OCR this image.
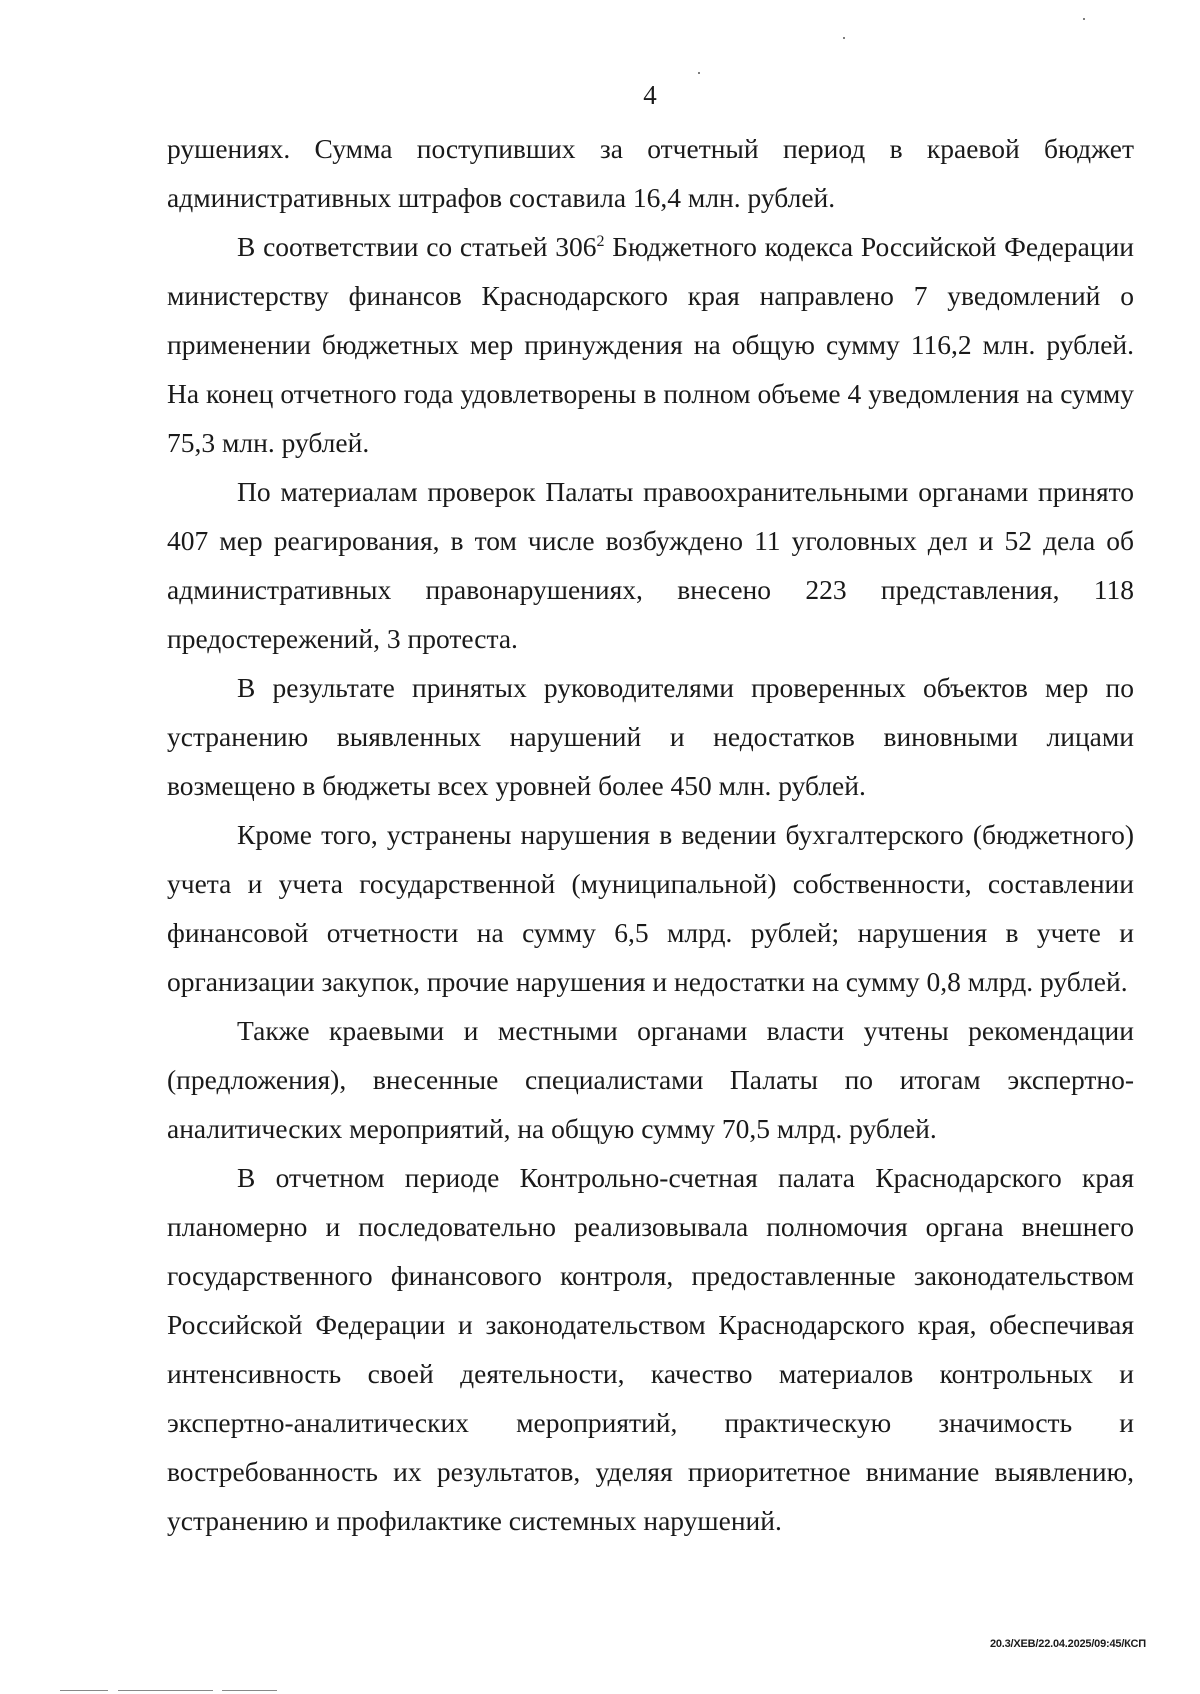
4

рушениях. Сумма поступивших за отчетный период в краевой бюджет административных штрафов составила 16,4 млн. рублей.

В соответствии со статьей $306^2$ Бюджетного кодекса Российской Федерации министерству финансов Краснодарского края направлено 7 уведомлений о применении бюджетных мер принуждения на общую сумму 116,2 млн. рублей. На конец отчетного года удовлетворены в полном объеме 4 уведомления на сумму 75,3 млн. рублей.

По материалам проверок Палаты правоохранительными органами принято 407 мер реагирования, в том числе возбуждено 11 уголовных дел и 52 дела об административных правонарушениях, внесено 223 представления, 118 предостережений, 3 протеста.

В результате принятых руководителями проверенных объектов мер по устранению выявленных нарушений и недостатков виновными лицами возмещено в бюджеты всех уровней более 450 млн. рублей.

Кроме того, устранены нарушения в ведении бухгалтерского (бюджетного) учета и учета государственной (муниципальной) собственности, составлении финансовой отчетности на сумму 6,5 млрд. рублей; нарушения в учете и организации закупок, прочие нарушения и недостатки на сумму 0,8 млрд. рублей.

Также краевыми и местными органами власти учтены рекомендации (предложения), внесенные специалистами Палаты по итогам экспертно-аналитических мероприятий, на общую сумму 70,5 млрд. рублей.

В отчетном периоде Контрольно-счетная палата Краснодарского края планомерно и последовательно реализовывала полномочия органа внешнего государственного финансового контроля, предоставленные законодательством Российской Федерации и законодательством Краснодарского края, обеспечивая интенсивность своей деятельности, качество материалов контрольных и экспертно-аналитических мероприятий, практическую значимость и востребованность их результатов, уделяя приоритетное внимание выявлению, устранению и профилактике системных нарушений.

20.3/ХЕВ/22.04.2025/09:45/КСП
